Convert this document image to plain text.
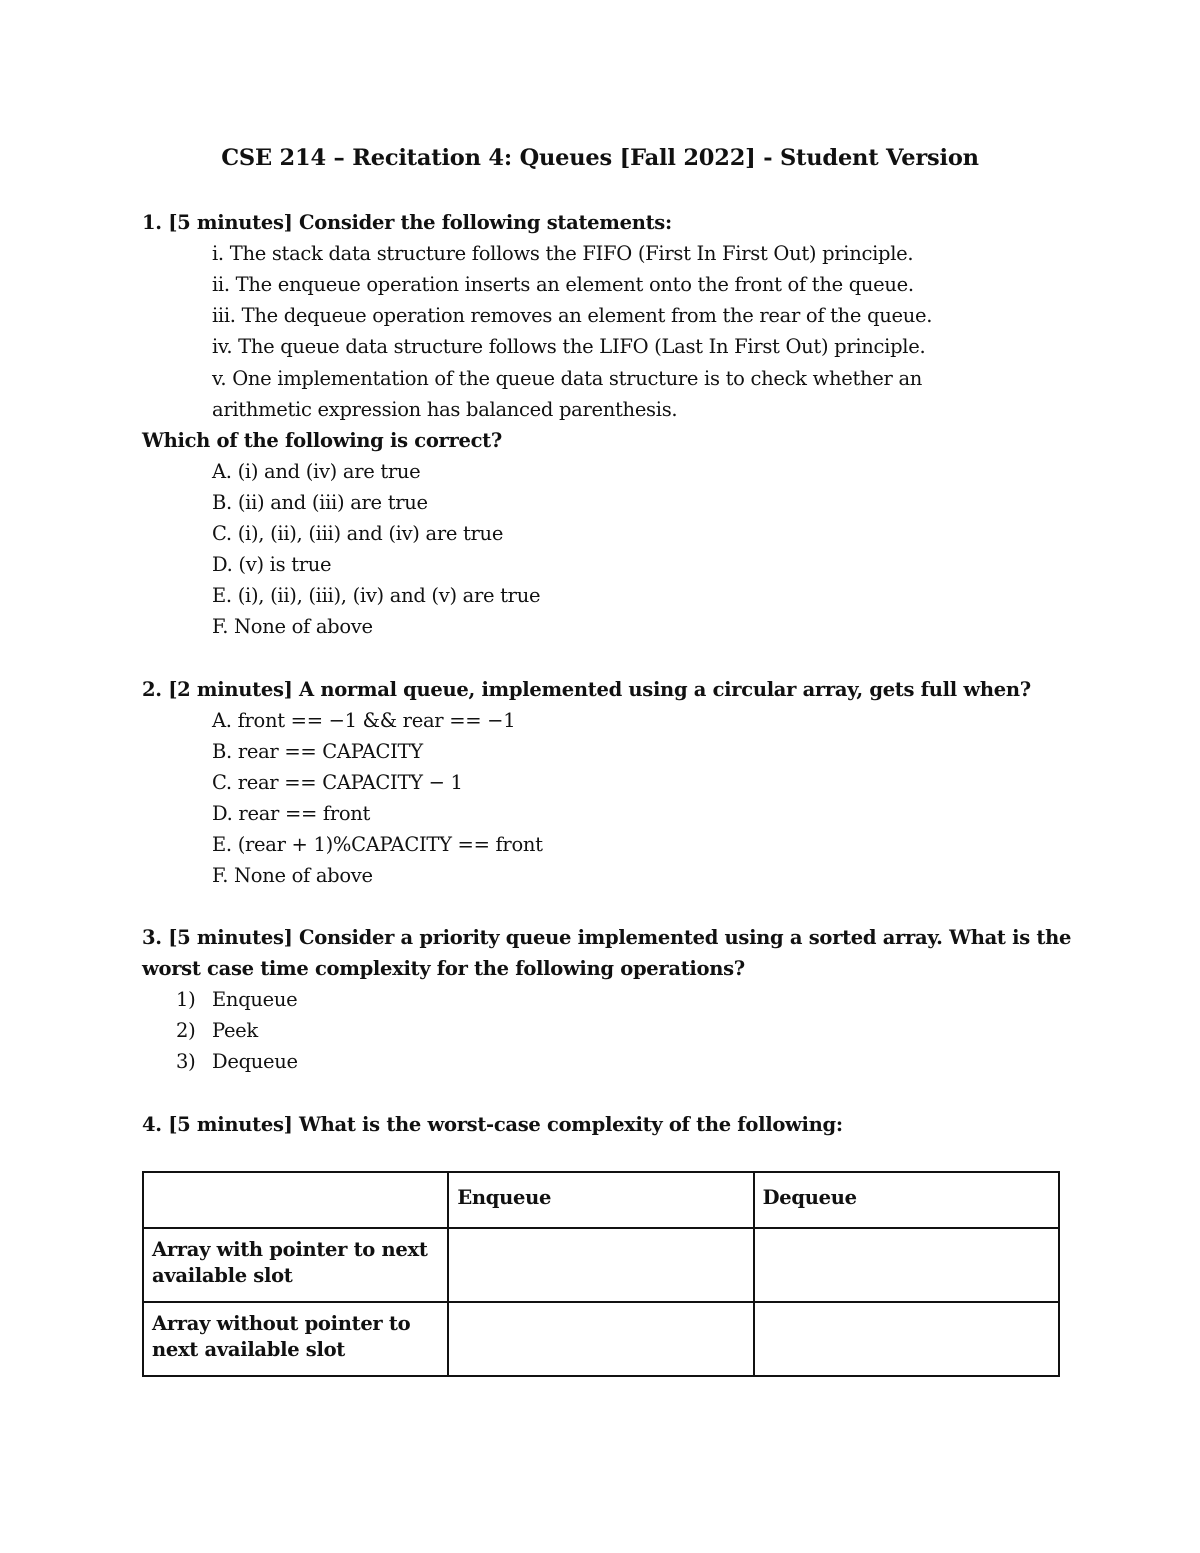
CSE 214 – Recitation 4: Queues [Fall 2022] - Student Version
1. [5 minutes] Consider the following statements:
i. The stack data structure follows the FIFO (First In First Out) principle.
ii. The enqueue operation inserts an element onto the front of the queue.
iii. The dequeue operation removes an element from the rear of the queue.
iv. The queue data structure follows the LIFO (Last In First Out) principle.
v. One implementation of the queue data structure is to check whether an
arithmetic expression has balanced parenthesis.
Which of the following is correct?
A. (i) and (iv) are true
B. (ii) and (iii) are true
C. (i), (ii), (iii) and (iv) are true
D. (v) is true
E. (i), (ii), (iii), (iv) and (v) are true
F. None of above
2. [2 minutes] A normal queue, implemented using a circular array, gets full when?
A. front == −1 && rear == −1
B. rear == CAPACITY
C. rear == CAPACITY − 1
D. rear == front
E. (rear + 1)%CAPACITY == front
F. None of above
3. [5 minutes] Consider a priority queue implemented using a sorted array. What is the
worst case time complexity for the following operations?
1) Enqueue
2) Peek
3) Dequeue
4. [5 minutes] What is the worst-case complexity of the following:
	Enqueue	Dequeue
Array with pointer to next available slot		
Array without pointer to next available slot		
